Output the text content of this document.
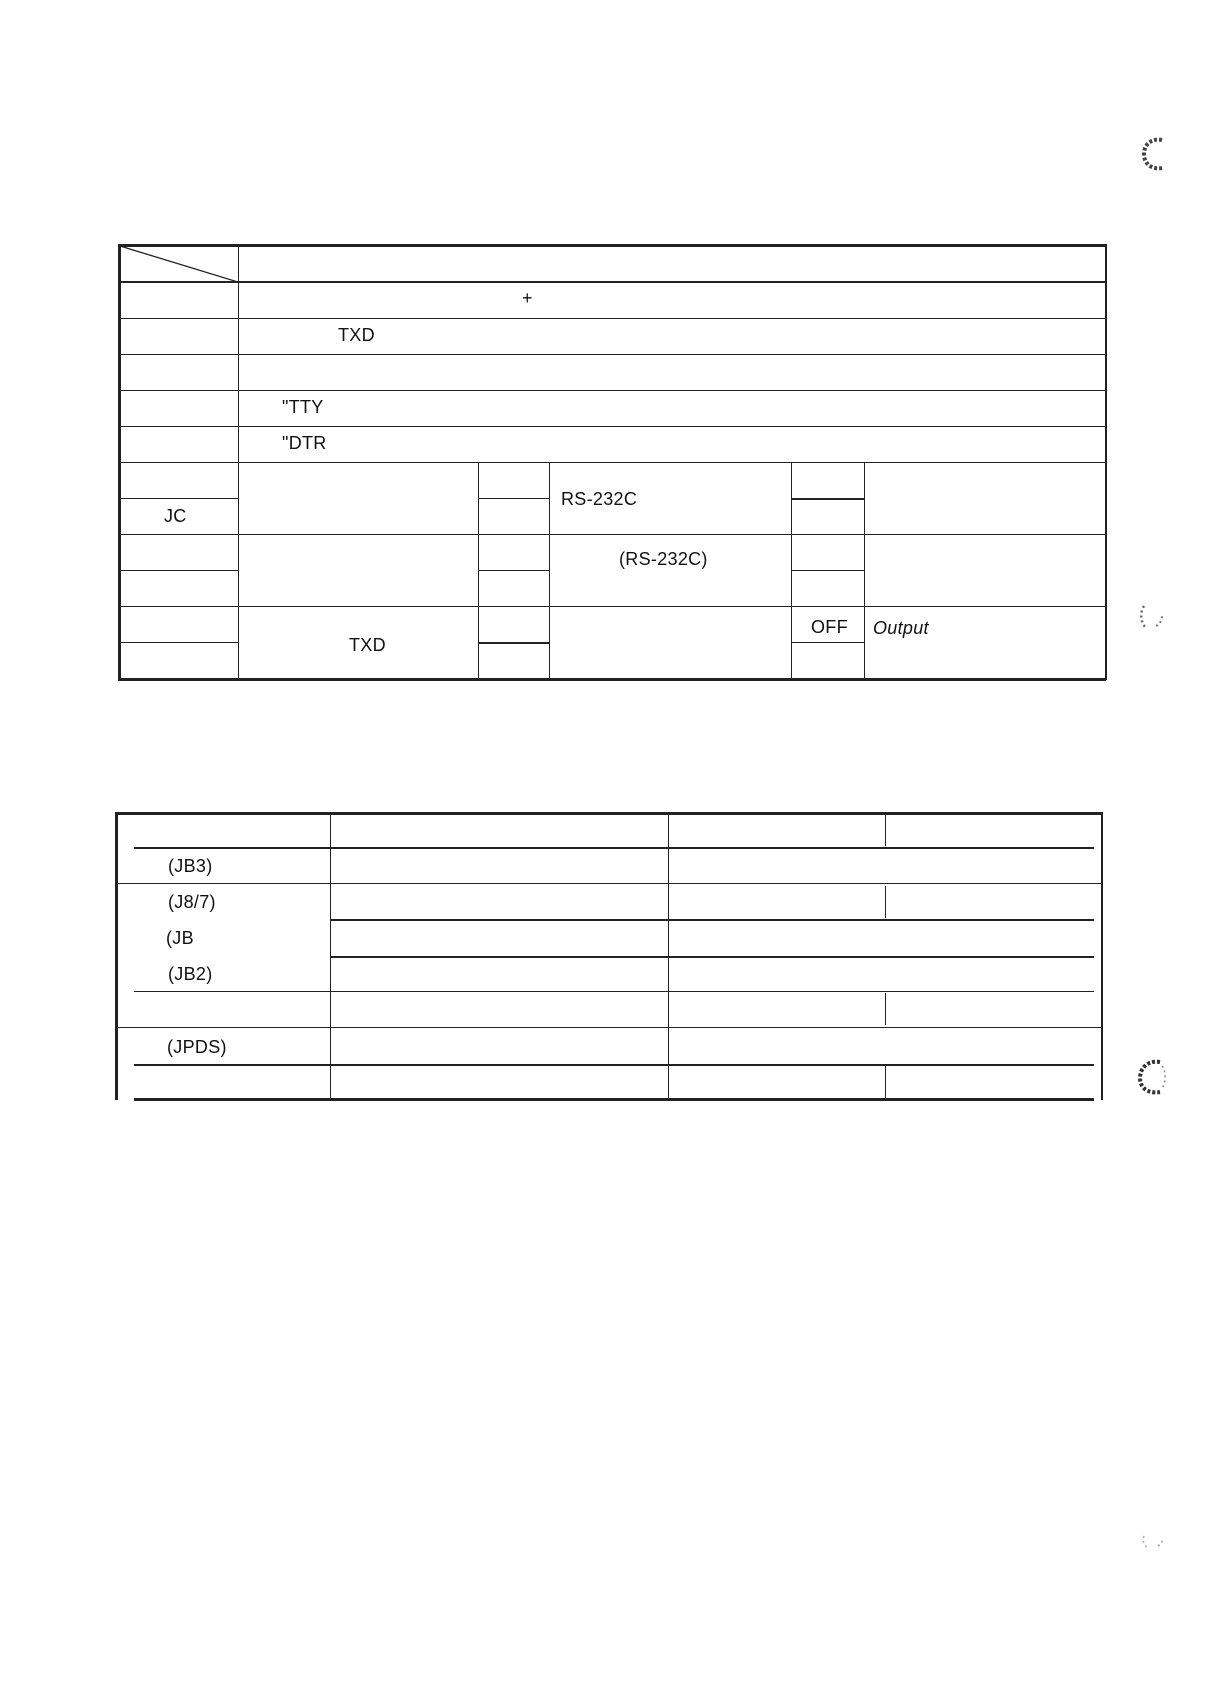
+
TXD
"TTY
"DTR
JC
RS-232C
(RS-232C)
TXD
OFF Output
(JB3)
(J8/7)
(JB
(JB2)
(JPDS)
